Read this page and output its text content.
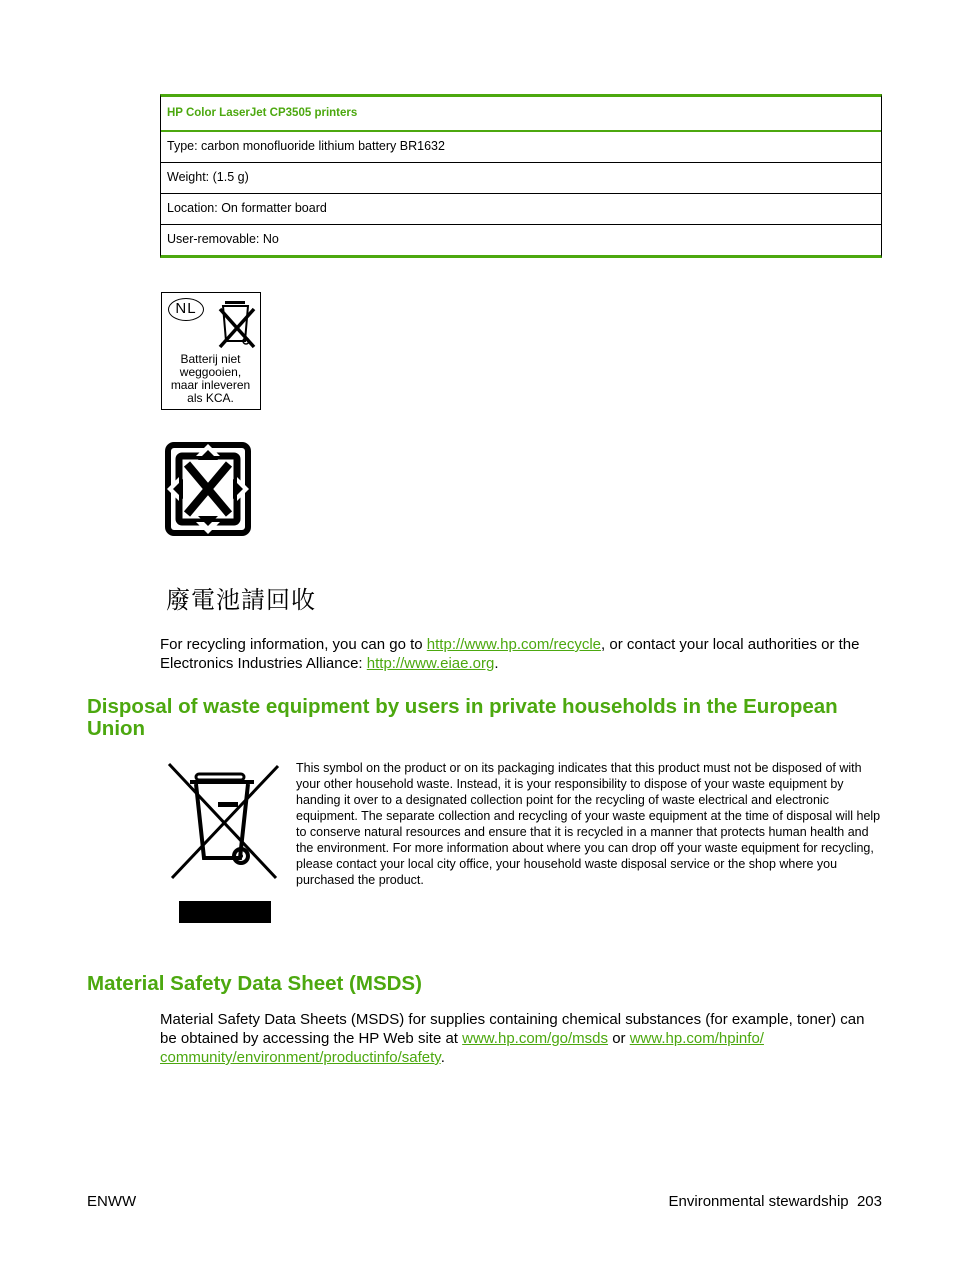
HP Color LaserJet CP3505 printers
Type: carbon monofluoride lithium battery BR1632
Weight: (1.5 g)
Location: On formatter board
User-removable: No
NL
Batterij niet
weggooien,
maar inleveren
als KCA.
廢電池請回收
For recycling information, you can go to http://www.hp.com/recycle, or contact your local authorities or the Electronics Industries Alliance: http://www.eiae.org.
Disposal of waste equipment by users in private households in the European Union
This symbol on the product or on its packaging indicates that this product must not be disposed of with your other household waste. Instead, it is your responsibility to dispose of your waste equipment by handing it over to a designated collection point for the recycling of waste electrical and electronic equipment. The separate collection and recycling of your waste equipment at the time of disposal will help to conserve natural resources and ensure that it is recycled in a manner that protects human health and the environment. For more information about where you can drop off your waste equipment for recycling, please contact your local city office, your household waste disposal service or the shop where you purchased the product.
Material Safety Data Sheet (MSDS)
Material Safety Data Sheets (MSDS) for supplies containing chemical substances (for example, toner) can be obtained by accessing the HP Web site at www.hp.com/go/msds or www.hp.com/hpinfo/
community/environment/productinfo/safety.
ENWW	Environmental stewardship 203
